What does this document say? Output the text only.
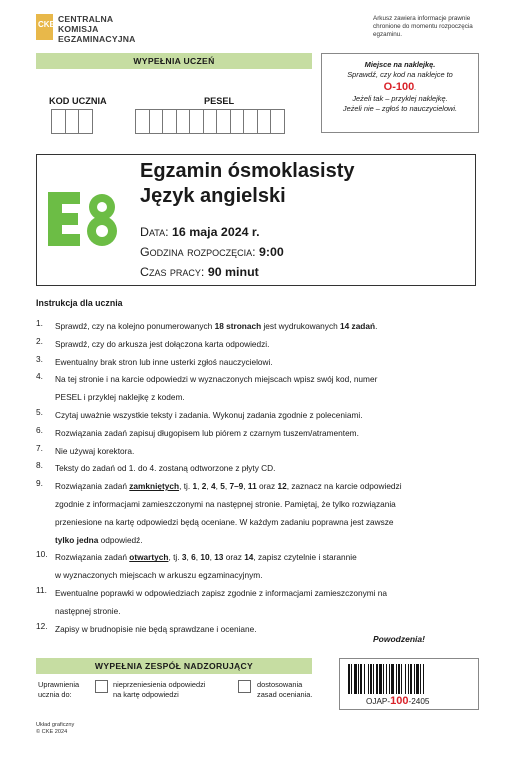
CKE
CENTRALNA
KOMISJA
EGZAMINACYJNA
Arkusz zawiera informacje prawnie chronione do momentu rozpoczęcia egzaminu.
WYPEŁNIA UCZEŃ	Miejsce na naklejkę.
Sprawdź, czy kod na naklejce to
O-100.
Jeżeli tak – przyklej naklejkę.
Jeżeli nie – zgłoś to nauczycielowi.
KOD UCZNIA	PESEL
Egzamin ósmoklasisty
Język angielski
Data: 16 maja 2024 r.
Godzina rozpoczęcia: 9:00
Czas pracy: 90 minut
Instrukcja dla ucznia
1.	Sprawdź, czy na kolejno ponumerowanych 18 stronach jest wydrukowanych 14 zadań.
2.	Sprawdź, czy do arkusza jest dołączona karta odpowiedzi.
3.	Ewentualny brak stron lub inne usterki zgłoś nauczycielowi.
4.	Na tej stronie i na karcie odpowiedzi w wyznaczonych miejscach wpisz swój kod, numer
PESEL i przyklej naklejkę z kodem.
5.	Czytaj uważnie wszystkie teksty i zadania. Wykonuj zadania zgodnie z poleceniami.
6.	Rozwiązania zadań zapisuj długopisem lub piórem z czarnym tuszem/atramentem.
7.	Nie używaj korektora.
8.	Teksty do zadań od 1. do 4. zostaną odtworzone z płyty CD.
9.	Rozwiązania zadań zamkniętych, tj. 1, 2, 4, 5, 7–9, 11 oraz 12, zaznacz na karcie odpowiedzi
zgodnie z informacjami zamieszczonymi na następnej stronie. Pamiętaj, że tylko rozwiązania
przeniesione na kartę odpowiedzi będą oceniane. W każdym zadaniu poprawna jest zawsze
tylko jedna odpowiedź.
10. Rozwiązania zadań otwartych, tj. 3, 6, 10, 13 oraz 14, zapisz czytelnie i starannie
w wyznaczonych miejscach w arkuszu egzaminacyjnym.
11. Ewentualne poprawki w odpowiedziach zapisz zgodnie z informacjami zamieszczonymi na
następnej stronie.
12. Zapisy w brudnopisie nie będą sprawdzane i oceniane.
Powodzenia!
WYPEŁNIA ZESPÓŁ NADZORUJĄCY
Uprawnienia
ucznia do:
nieprzeniesienia odpowiedzi
na kartę odpowiedzi
dostosowania
zasad oceniania.
OJAP-100-2405
Układ graficzny
© CKE 2024
